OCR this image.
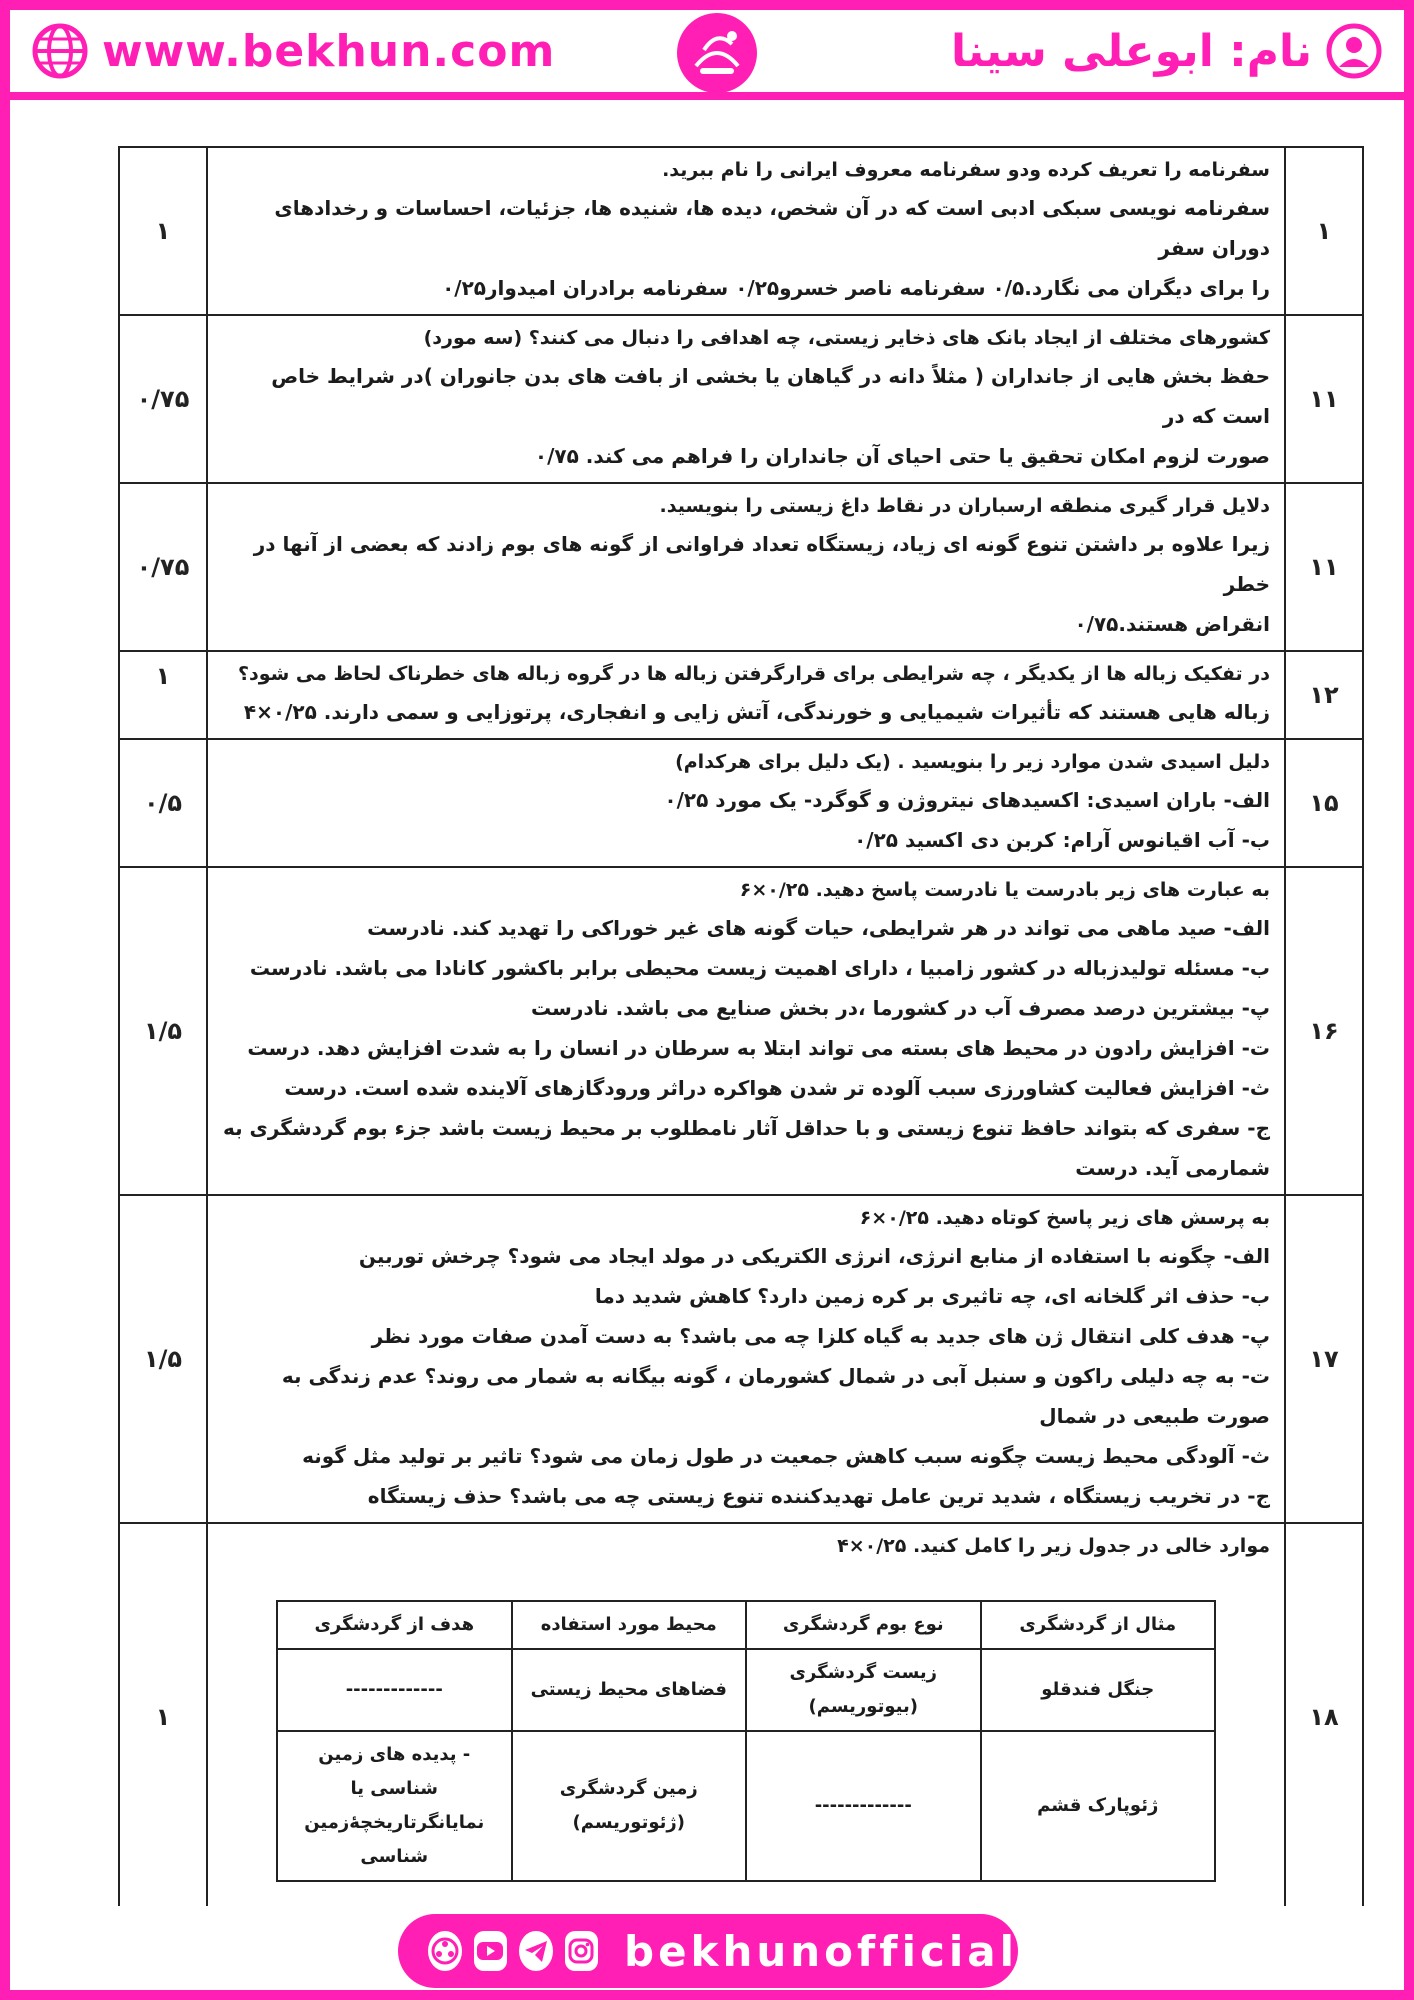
www.bekhun.com	نام: ابوعلی سینا
۱	
سفرنامه را تعریف کرده ودو سفرنامه معروف ایرانی را نام ببرید.
سفرنامه نویسی سبکی ادبی است که در آن شخص، دیده ها، شنیده ها، جزئیات، احساسات و رخدادهای دوران سفر
را برای دیگران می نگارد.۰/۵ سفرنامه ناصر خسرو۰/۲۵ سفرنامه برادران امیدوار۰/۲۵
	۱
۱۱	
کشورهای مختلف از ایجاد بانک های ذخایر زیستی، چه اهدافی را دنبال می کنند؟ (سه مورد)
حفظ بخش هایی از جانداران ( مثلاً دانه در گیاهان یا بخشی از بافت های بدن جانوران )در شرایط خاص است که در
صورت لزوم امکان تحقیق یا حتی احیای آن جانداران را فراهم می کند. ۰/۷۵
	۰/۷۵
۱۱	
دلایل قرار گیری منطقه ارسباران در نقاط داغ زیستی را بنویسید.
زیرا علاوه بر داشتن تنوع گونه ای زیاد، زیستگاه تعداد فراوانی از گونه های بوم زادند که بعضی از آنها در خطر
انقراض هستند.۰/۷۵
	۰/۷۵
۱۲	
در تفکیک زباله ها از یکدیگر ، چه شرایطی برای قرارگرفتن زباله ها در گروه زباله های خطرناک لحاظ می شود؟
زباله هایی هستند که تأثیرات شیمیایی و خورندگی، آتش زایی و انفجاری، پرتوزایی و سمی دارند. ۰/۲۵×۴
	۱
۱۵	
دلیل اسیدی شدن موارد زیر را بنویسید . (یک دلیل برای هرکدام)
الف- باران اسیدی: اکسیدهای نیتروژن و گوگرد- یک مورد ۰/۲۵
ب- آب اقیانوس آرام: کربن دی اکسید ۰/۲۵
	۰/۵
۱۶	
به عبارت های زیر بادرست یا نادرست پاسخ دهید. ۰/۲۵×۶
الف- صید ماهی می تواند در هر شرایطی، حیات گونه های غیر خوراکی را تهدید کند. نادرست
ب- مسئله تولیدزباله در کشور زامبیا ، دارای اهمیت زیست محیطی برابر باکشور کانادا می باشد. نادرست
پ- بیشترین درصد مصرف آب در کشورما ،در بخش صنایع می باشد. نادرست
ت- افزایش رادون در محیط های بسته می تواند ابتلا به سرطان در انسان را به شدت افزایش دهد. درست
ث- افزایش فعالیت کشاورزی سبب آلوده تر شدن هواکره دراثر ورودگازهای آلاینده شده است. درست
ج- سفری که بتواند حافظ تنوع زیستی و با حداقل آثار نامطلوب بر محیط زیست باشد جزء بوم گردشگری به شمارمی آید. درست
	۱/۵
۱۷	
به پرسش های زیر پاسخ کوتاه دهید. ۰/۲۵×۶
الف- چگونه با استفاده از منابع انرژی، انرژی الکتریکی در مولد ایجاد می شود؟ چرخش توربین
ب- حذف اثر گلخانه ای، چه تاثیری بر کره زمین دارد؟ کاهش شدید دما
پ- هدف کلی انتقال ژن های جدید به گیاه کلزا چه می باشد؟ به دست آمدن صفات مورد نظر
ت- به چه دلیلی راکون و سنبل آبی در شمال کشورمان ، گونه بیگانه به شمار می روند؟ عدم زندگی به صورت طبیعی در شمال
ث- آلودگی محیط زیست چگونه سبب کاهش جمعیت در طول زمان می شود؟ تاثیر بر تولید مثل گونه
ج- در تخریب زیستگاه ، شدید ترین عامل تهدیدکننده تنوع زیستی چه می باشد؟ حذف زیستگاه
	۱/۵
۱۸	
موارد خالی در جدول زیر را کامل کنید. ۰/۲۵×۴
مثال از گردشگری	نوع بوم گردشگری	محیط مورد استفاده	هدف از گردشگری
جنگل فندقلو	زیست گردشگری (بیوتوریسم)	فضاهای محیط زیستی	-------------
ژئوپارک قشم	-------------	زمین گردشگری (ژئوتوریسم)	- پدیده های زمین شناسی یا نمایانگرتاریخچۀزمین شناسی
	۱

bekhunofficial
